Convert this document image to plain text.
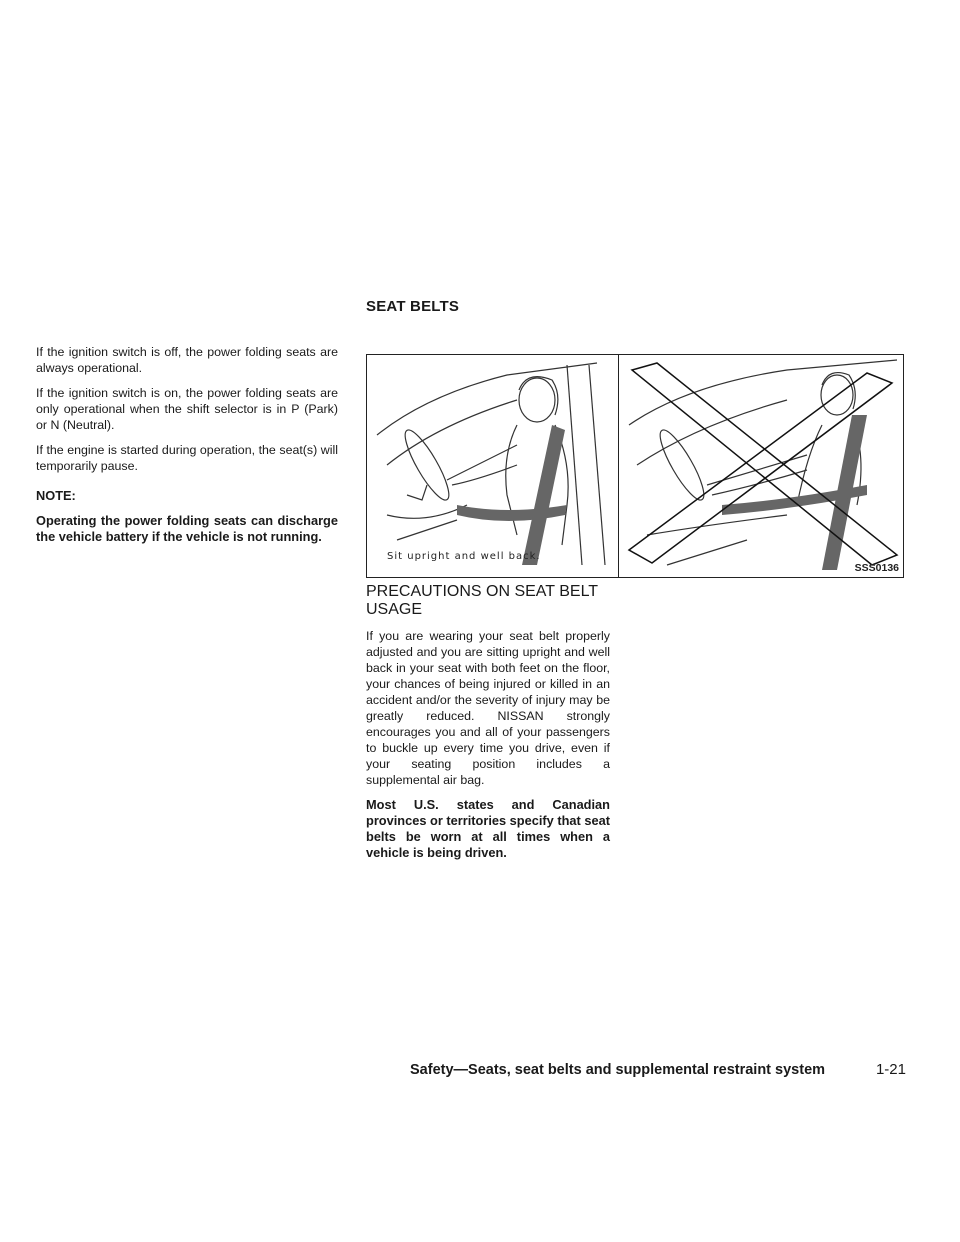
SEAT BELTS

If the ignition switch is off, the power folding seats are always operational.

If the ignition switch is on, the power folding seats are only operational when the shift selector is in P (Park) or N (Neutral).

If the engine is started during operation, the seat(s) will temporarily pause.

NOTE:

Operating the power folding seats can discharge the vehicle battery if the vehicle is not running.

Sit upright and well back.
SSS0136
PRECAUTIONS ON SEAT BELT USAGE

If you are wearing your seat belt properly adjusted and you are sitting upright and well back in your seat with both feet on the floor, your chances of being injured or killed in an accident and/or the severity of injury may be greatly reduced. NISSAN strongly encourages you and all of your passengers to buckle up every time you drive, even if your seating position includes a supplemental air bag.

Most U.S. states and Canadian provinces or territories specify that seat belts be worn at all times when a vehicle is being driven.

Safety—Seats, seat belts and supplemental restraint system	1-21
